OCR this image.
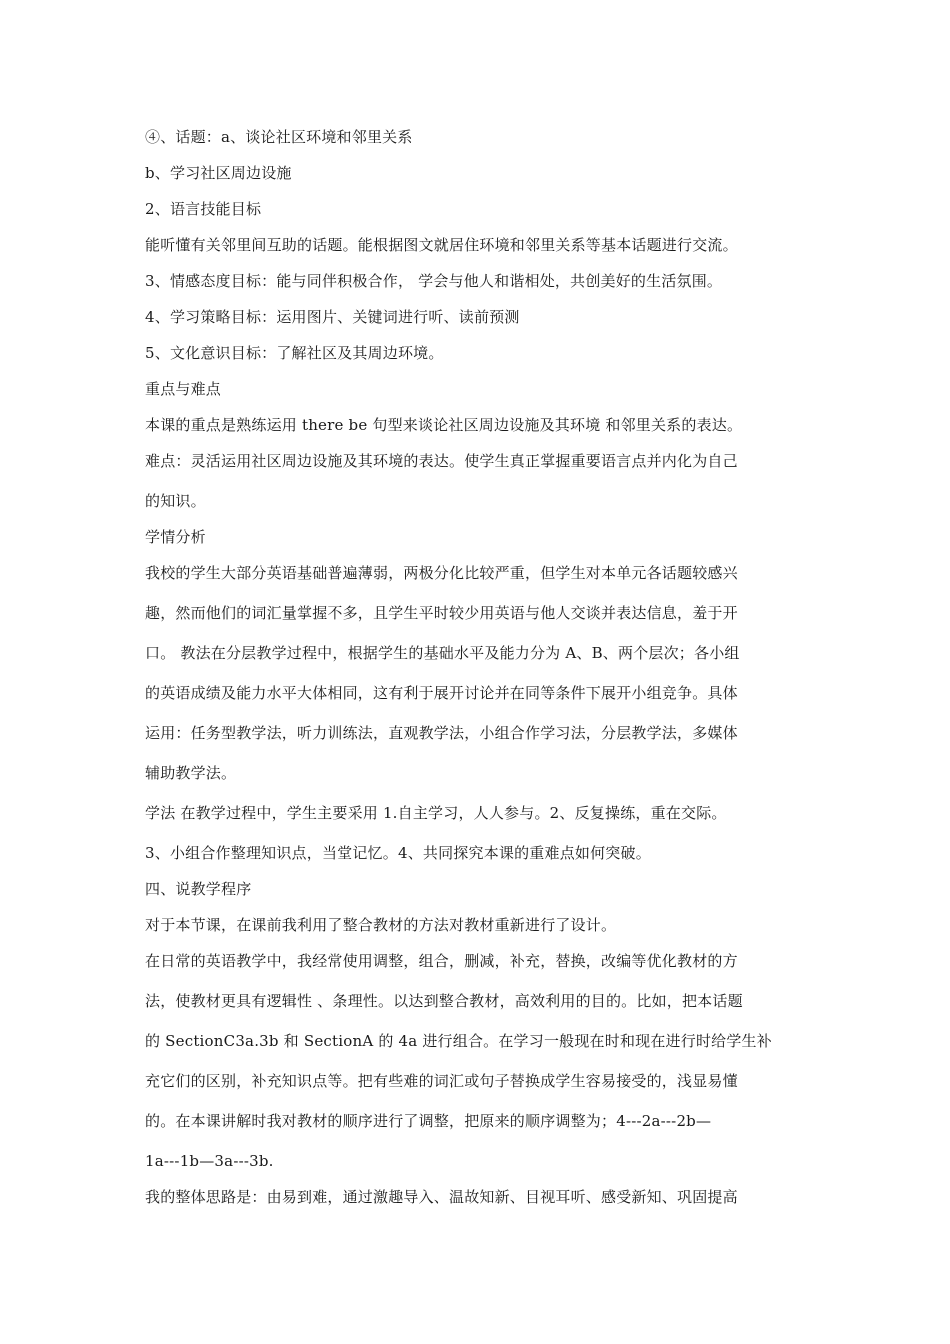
④、话题：a、谈论社区环境和邻里关系
b、学习社区周边设施
2、语言技能目标
能听懂有关邻里间互助的话题。能根据图文就居住环境和邻里关系等基本话题进行交流。
3、情感态度目标：能与同伴积极合作， 学会与他人和谐相处，共创美好的生活氛围。
4、学习策略目标：运用图片、关键词进行听、读前预测
5、文化意识目标：了解社区及其周边环境。
重点与难点
本课的重点是熟练运用 there be 句型来谈论社区周边设施及其环境 和邻里关系的表达。
难点：灵活运用社区周边设施及其环境的表达。使学生真正掌握重要语言点并内化为自己
的知识。
学情分析
我校的学生大部分英语基础普遍薄弱，两极分化比较严重，但学生对本单元各话题较感兴
趣，然而他们的词汇量掌握不多，且学生平时较少用英语与他人交谈并表达信息，羞于开
口。 教法在分层教学过程中，根据学生的基础水平及能力分为 A、B、两个层次；各小组
的英语成绩及能力水平大体相同，这有利于展开讨论并在同等条件下展开小组竞争。具体
运用：任务型教学法，听力训练法，直观教学法，小组合作学习法，分层教学法，多媒体
辅助教学法。
学法 在教学过程中，学生主要采用 1.自主学习，人人参与。2、反复操练，重在交际。
3、小组合作整理知识点，当堂记忆。4、共同探究本课的重难点如何突破。
四、说教学程序
对于本节课，在课前我利用了整合教材的方法对教材重新进行了设计。
在日常的英语教学中，我经常使用调整，组合，删减，补充，替换，改编等优化教材的方
法，使教材更具有逻辑性 、条理性。以达到整合教材，高效利用的目的。比如，把本话题
的 SectionC3a.3b 和 SectionA 的 4a 进行组合。在学习一般现在时和现在进行时给学生补
充它们的区别，补充知识点等。把有些难的词汇或句子替换成学生容易接受的，浅显易懂
的。在本课讲解时我对教材的顺序进行了调整，把原来的顺序调整为；4---2a---2b—
1a---1b—3a---3b.
我的整体思路是：由易到难，通过激趣导入、温故知新、目视耳听、感受新知、巩固提高
